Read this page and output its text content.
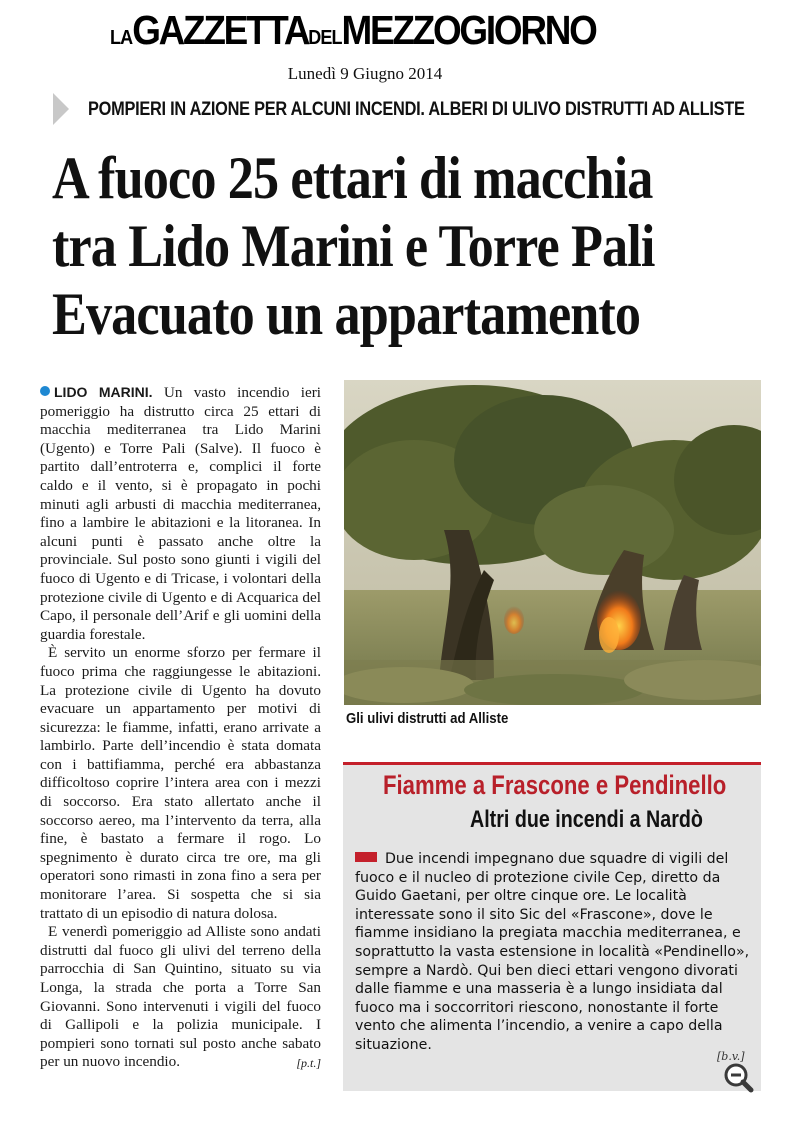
LAGAZZETTADELMEZZOGIORNO
Lunedì 9 Giugno 2014
POMPIERI IN AZIONE PER ALCUNI INCENDI. ALBERI DI ULIVO DISTRUTTI AD ALLISTE
A fuoco 25 ettari di macchia
tra Lido Marini e Torre Pali
Evacuato un appartamento

LIDO MARINI. Un vasto incendio ieri pomeriggio ha distrutto circa 25 ettari di macchia mediterranea tra Lido Marini (Ugento) e Torre Pali (Salve). Il fuoco è partito dall’entroterra e, complici il forte caldo e il vento, si è propagato in pochi minuti agli arbusti di macchia mediterranea, fino a lambire le abitazioni e la litoranea. In alcuni punti è passato anche oltre la provinciale. Sul posto sono giunti i vigili del fuoco di Ugento e di Tricase, i volontari della protezione civile di Ugento e di Acquarica del Capo, il personale dell’Arif e gli uomini della guardia forestale.

È servito un enorme sforzo per fermare il fuoco prima che raggiungesse le abitazioni. La protezione civile di Ugento ha dovuto evacuare un appartamento per motivi di sicurezza: le fiamme, infatti, erano arrivate a lambirlo. Parte dell’incendio è stata domata con i battifiamma, perché era abbastanza difficoltoso coprire l’intera area con i mezzi di soccorso. Era stato allertato anche il soccorso aereo, ma l’intervento da terra, alla fine, è bastato a fermare il rogo. Lo spegnimento è durato circa tre ore, ma gli operatori sono rimasti in zona fino a sera per monitorare l’area. Si sospetta che si sia trattato di un episodio di natura dolosa.

E venerdì pomeriggio ad Alliste sono andati distrutti dal fuoco gli ulivi del terreno della parrocchia di San Quintino, situato su via Longa, la strada che porta a Torre San Giovanni. Sono intervenuti i vigili del fuoco di Gallipoli e la polizia municipale. I pompieri sono tornati sul posto anche sabato per un nuovo incendio.	[p.t.]
Gli ulivi distrutti ad Alliste
Fiamme a Frascone e Pendinello
Altri due incendi a Nardò
Due incendi impegnano due squadre di vigili del fuoco e il nucleo di protezione civile Cep, diretto da Guido Gaetani, per oltre cinque ore. Le località interessate sono il sito Sic del «Frascone», dove le fiamme insidiano la pregiata macchia mediterranea, e soprattutto la vasta estensione in località «Pendinello», sempre a Nardò. Qui ben dieci ettari vengono divorati dalle fiamme e una masseria è a lungo insidiata dal fuoco ma i soccorritori riescono, nonostante il forte vento che alimenta l’incendio, a venire a capo della situazione.
[b.v.]
